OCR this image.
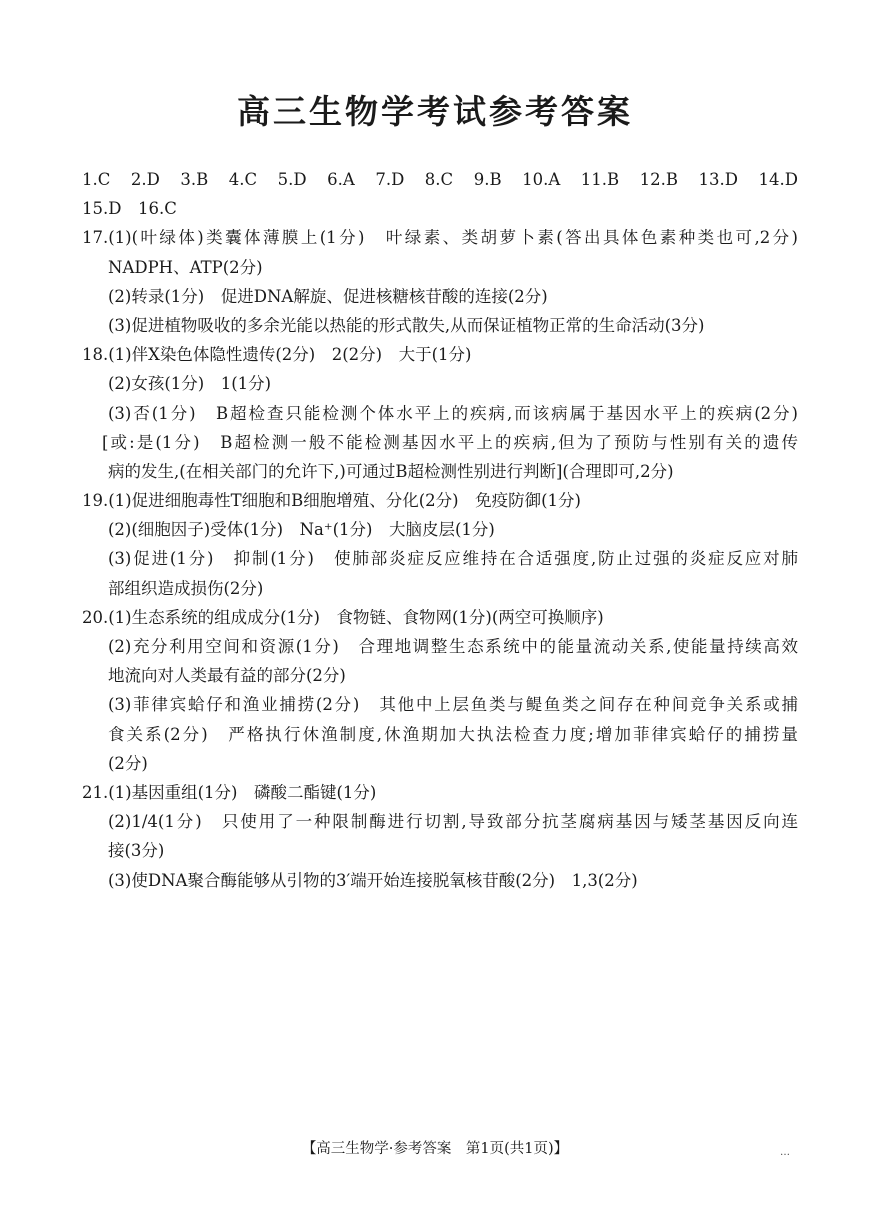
高三生物学考试参考答案
1.C　2.D　3.B　4.C　5.D　6.A　7.D　8.C　9.B　10.A　11.B　12.B　13.D　14.D
15.D　16.C
17.(1)(叶绿体)类囊体薄膜上(1分)　叶绿素、类胡萝卜素(答出具体色素种类也可,2分)
NADPH、ATP(2分)
(2)转录(1分)　促进DNA解旋、促进核糖核苷酸的连接(2分)
(3)促进植物吸收的多余光能以热能的形式散失,从而保证植物正常的生命活动(3分)
18.(1)伴X染色体隐性遗传(2分)　2(2分)　大于(1分)
(2)女孩(1分)　1(1分)
(3)否(1分)　B超检查只能检测个体水平上的疾病,而该病属于基因水平上的疾病(2分)
[或:是(1分)　B超检测一般不能检测基因水平上的疾病,但为了预防与性别有关的遗传
病的发生,(在相关部门的允许下,)可通过B超检测性别进行判断](合理即可,2分)
19.(1)促进细胞毒性T细胞和B细胞增殖、分化(2分)　免疫防御(1分)
(2)(细胞因子)受体(1分)　Na⁺(1分)　大脑皮层(1分)
(3)促进(1分)　抑制(1分)　使肺部炎症反应维持在合适强度,防止过强的炎症反应对肺
部组织造成损伤(2分)
20.(1)生态系统的组成成分(1分)　食物链、食物网(1分)(两空可换顺序)
(2)充分利用空间和资源(1分)　合理地调整生态系统中的能量流动关系,使能量持续高效
地流向对人类最有益的部分(2分)
(3)菲律宾蛤仔和渔业捕捞(2分)　其他中上层鱼类与鳀鱼类之间存在种间竞争关系或捕
食关系(2分)　严格执行休渔制度,休渔期加大执法检查力度;增加菲律宾蛤仔的捕捞量
(2分)
21.(1)基因重组(1分)　磷酸二酯键(1分)
(2)1/4(1分)　只使用了一种限制酶进行切割,导致部分抗茎腐病基因与矮茎基因反向连
接(3分)
(3)使DNA聚合酶能够从引物的3′端开始连接脱氧核苷酸(2分)　1,3(2分)
【高三生物学·参考答案　第1页(共1页)】	…
